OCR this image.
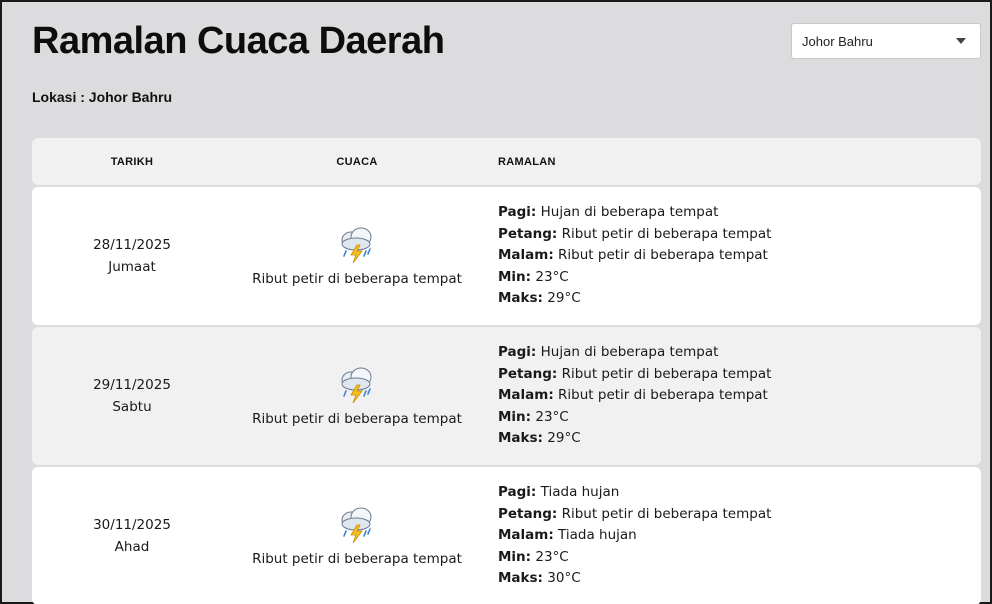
Ramalan Cuaca Daerah
Lokasi : Johor Bahru
Johor Bahru
TARIKH	CUACA	RAMALAN
28/11/2025
Jumaat
Ribut petir di beberapa tempat
Pagi: Hujan di beberapa tempat
Petang: Ribut petir di beberapa tempat
Malam: Ribut petir di beberapa tempat
Min: 23°C
Maks: 29°C
29/11/2025
Sabtu
Ribut petir di beberapa tempat
Pagi: Hujan di beberapa tempat
Petang: Ribut petir di beberapa tempat
Malam: Ribut petir di beberapa tempat
Min: 23°C
Maks: 29°C
30/11/2025
Ahad
Ribut petir di beberapa tempat
Pagi: Tiada hujan
Petang: Ribut petir di beberapa tempat
Malam: Tiada hujan
Min: 23°C
Maks: 30°C
